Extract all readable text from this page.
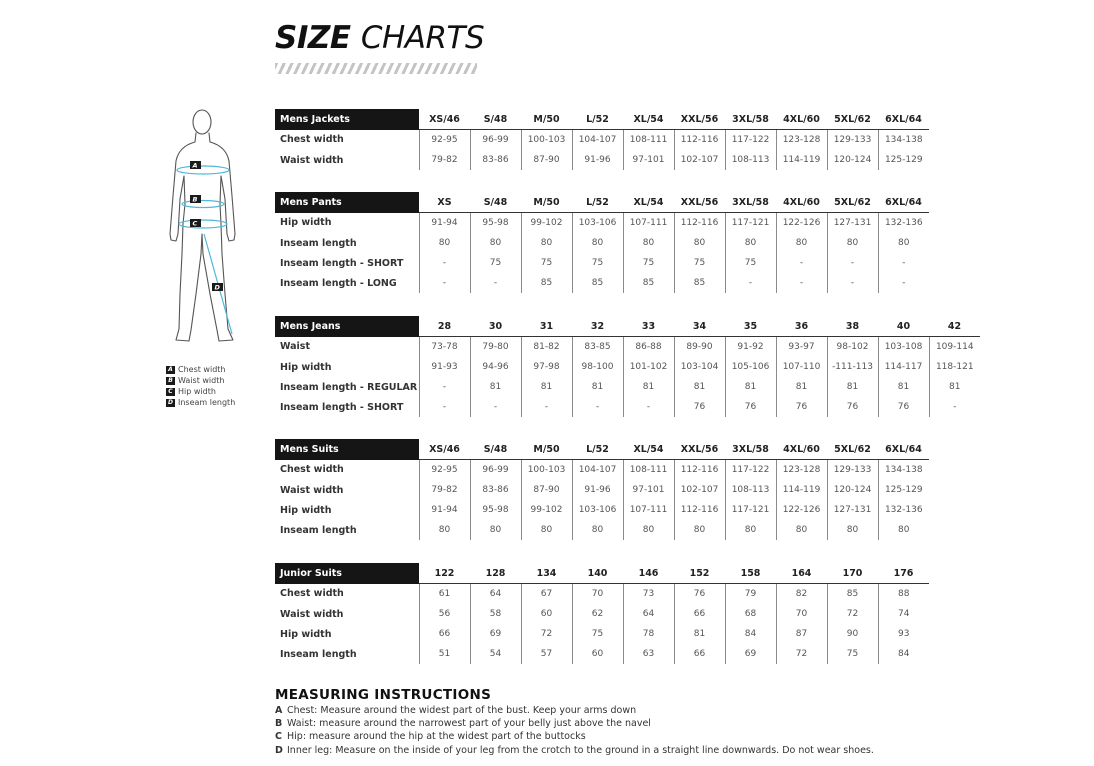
SIZE CHARTS
A
B
C
D
A Chest width
B Waist width
C Hip width
D Inseam length
Mens Jackets	XS/46	S/48	M/50	L/52	XL/54	XXL/56	3XL/58	4XL/60	5XL/62	6XL/64
Chest width	92-95	96-99	100-103	104-107	108-111	112-116	117-122	123-128	129-133	134-138
Waist width	79-82	83-86	87-90	91-96	97-101	102-107	108-113	114-119	120-124	125-129
Mens Pants	XS	S/48	M/50	L/52	XL/54	XXL/56	3XL/58	4XL/60	5XL/62	6XL/64
Hip width	91-94	95-98	99-102	103-106	107-111	112-116	117-121	122-126	127-131	132-136
Inseam length	80	80	80	80	80	80	80	80	80	80
Inseam length - SHORT	-	75	75	75	75	75	75	-	-	-
Inseam length - LONG	-	-	85	85	85	85	-	-	-	-
Mens Jeans	28	30	31	32	33	34	35	36	38	40	42
Waist	73-78	79-80	81-82	83-85	86-88	89-90	91-92	93-97	98-102	103-108	109-114
Hip width	91-93	94-96	97-98	98-100	101-102	103-104	105-106	107-110	-111-113	114-117	118-121
Inseam length - REGULAR	-	81	81	81	81	81	81	81	81	81	81
Inseam length - SHORT	-	-	-	-	-	76	76	76	76	76	-
Mens Suits	XS/46	S/48	M/50	L/52	XL/54	XXL/56	3XL/58	4XL/60	5XL/62	6XL/64
Chest width	92-95	96-99	100-103	104-107	108-111	112-116	117-122	123-128	129-133	134-138
Waist width	79-82	83-86	87-90	91-96	97-101	102-107	108-113	114-119	120-124	125-129
Hip width	91-94	95-98	99-102	103-106	107-111	112-116	117-121	122-126	127-131	132-136
Inseam length	80	80	80	80	80	80	80	80	80	80
Junior Suits	122	128	134	140	146	152	158	164	170	176
Chest width	61	64	67	70	73	76	79	82	85	88
Waist width	56	58	60	62	64	66	68	70	72	74
Hip width	66	69	72	75	78	81	84	87	90	93
Inseam length	51	54	57	60	63	66	69	72	75	84
MEASURING INSTRUCTIONS
A Chest: Measure around the widest part of the bust. Keep your arms down
B Waist: measure around the narrowest part of your belly just above the navel
C Hip: measure around the hip at the widest part of the buttocks
D Inner leg: Measure on the inside of your leg from the crotch to the ground in a straight line downwards. Do not wear shoes.
